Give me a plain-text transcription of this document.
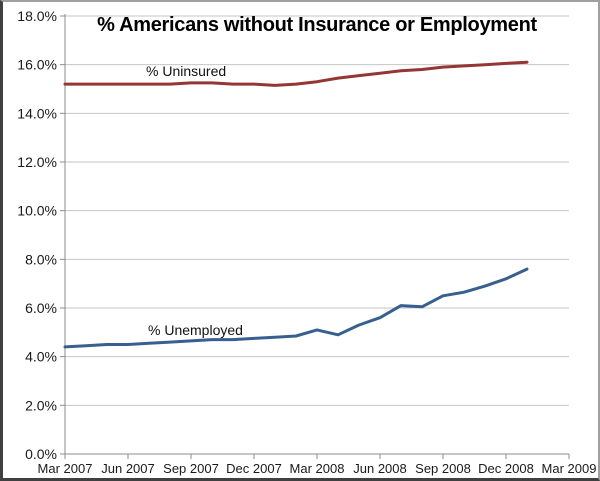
0.0%
2.0%
4.0%
6.0%
8.0%
10.0%
12.0%
14.0%
16.0%
18.0%
Mar 2007 Jun 2007 Sep 2007 Dec 2007 Mar 2008 Jun 2008 Sep 2008 Dec 2008 Mar 2009
% Americans without Insurance or Employment
% Uninsured
% Unemployed
